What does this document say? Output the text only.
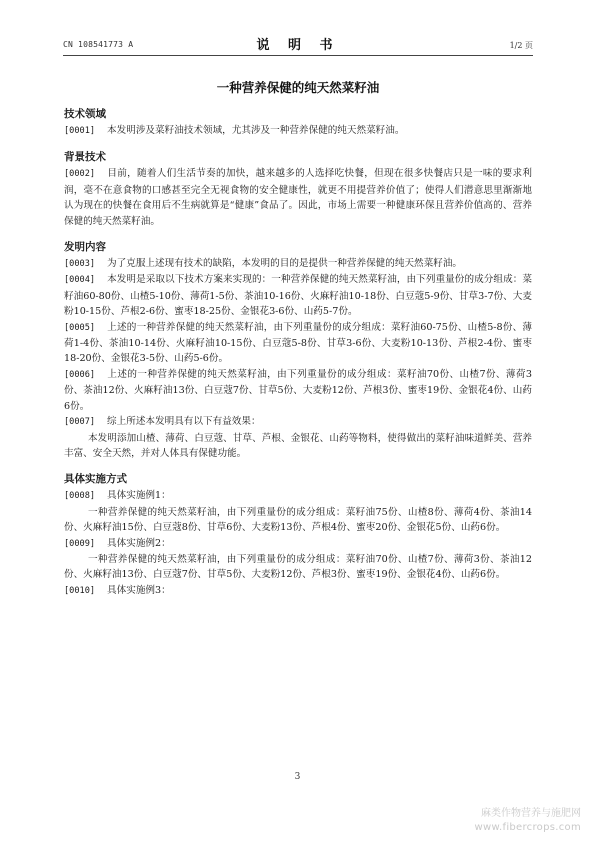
CN 108541773 A	说 明 书	1/2 页
一种营养保健的纯天然菜籽油
技术领域

[0001] 本发明涉及菜籽油技术领域，尤其涉及一种营养保健的纯天然菜籽油。

背景技术

[0002] 目前，随着人们生活节奏的加快，越来越多的人选择吃快餐，但现在很多快餐店只是一味的要求利润，毫不在意食物的口感甚至完全无视食物的安全健康性，就更不用提营养价值了；使得人们潜意思里渐渐地认为现在的快餐在食用后不生病就算是“健康”食品了。因此，市场上需要一种健康环保且营养价值高的、营养保健的纯天然菜籽油。

发明内容

[0003] 为了克服上述现有技术的缺陷，本发明的目的是提供一种营养保健的纯天然菜籽油。

[0004] 本发明是采取以下技术方案来实现的：一种营养保健的纯天然菜籽油，由下列重量份的成分组成：菜籽油60-80份、山楂5-10份、薄荷1-5份、茶油10-16份、火麻籽油10-18份、白豆蔻5-9份、甘草3-7份、大麦粉10-15份、芦根2-6份、蜜枣18-25份、金银花3-6份、山药5-7份。

[0005] 上述的一种营养保健的纯天然菜籽油，由下列重量份的成分组成：菜籽油60-75份、山楂5-8份、薄荷1-4份、茶油10-14份、火麻籽油10-15份、白豆蔻5-8份、甘草3-6份、大麦粉10-13份、芦根2-4份、蜜枣18-20份、金银花3-5份、山药5-6份。

[0006] 上述的一种营养保健的纯天然菜籽油，由下列重量份的成分组成：菜籽油70份、山楂7份、薄荷3份、茶油12份、火麻籽油13份、白豆蔻7份、甘草5份、大麦粉12份、芦根3份、蜜枣19份、金银花4份、山药6份。

[0007] 综上所述本发明具有以下有益效果：

本发明添加山楂、薄荷、白豆蔻、甘草、芦根、金银花、山药等物料，使得做出的菜籽油味道鲜美、营养丰富、安全天然，并对人体具有保健功能。

具体实施方式

[0008] 具体实施例1：

一种营养保健的纯天然菜籽油，由下列重量份的成分组成：菜籽油75份、山楂8份、薄荷4份、茶油14份、火麻籽油15份、白豆蔻8份、甘草6份、大麦粉13份、芦根4份、蜜枣20份、金银花5份、山药6份。

[0009] 具体实施例2：

一种营养保健的纯天然菜籽油，由下列重量份的成分组成：菜籽油70份、山楂7份、薄荷3份、茶油12份、火麻籽油13份、白豆蔻7份、甘草5份、大麦粉12份、芦根3份、蜜枣19份、金银花4份、山药6份。

[0010] 具体实施例3：

3
麻类作物营养与施肥网
www.fibercrops.com
